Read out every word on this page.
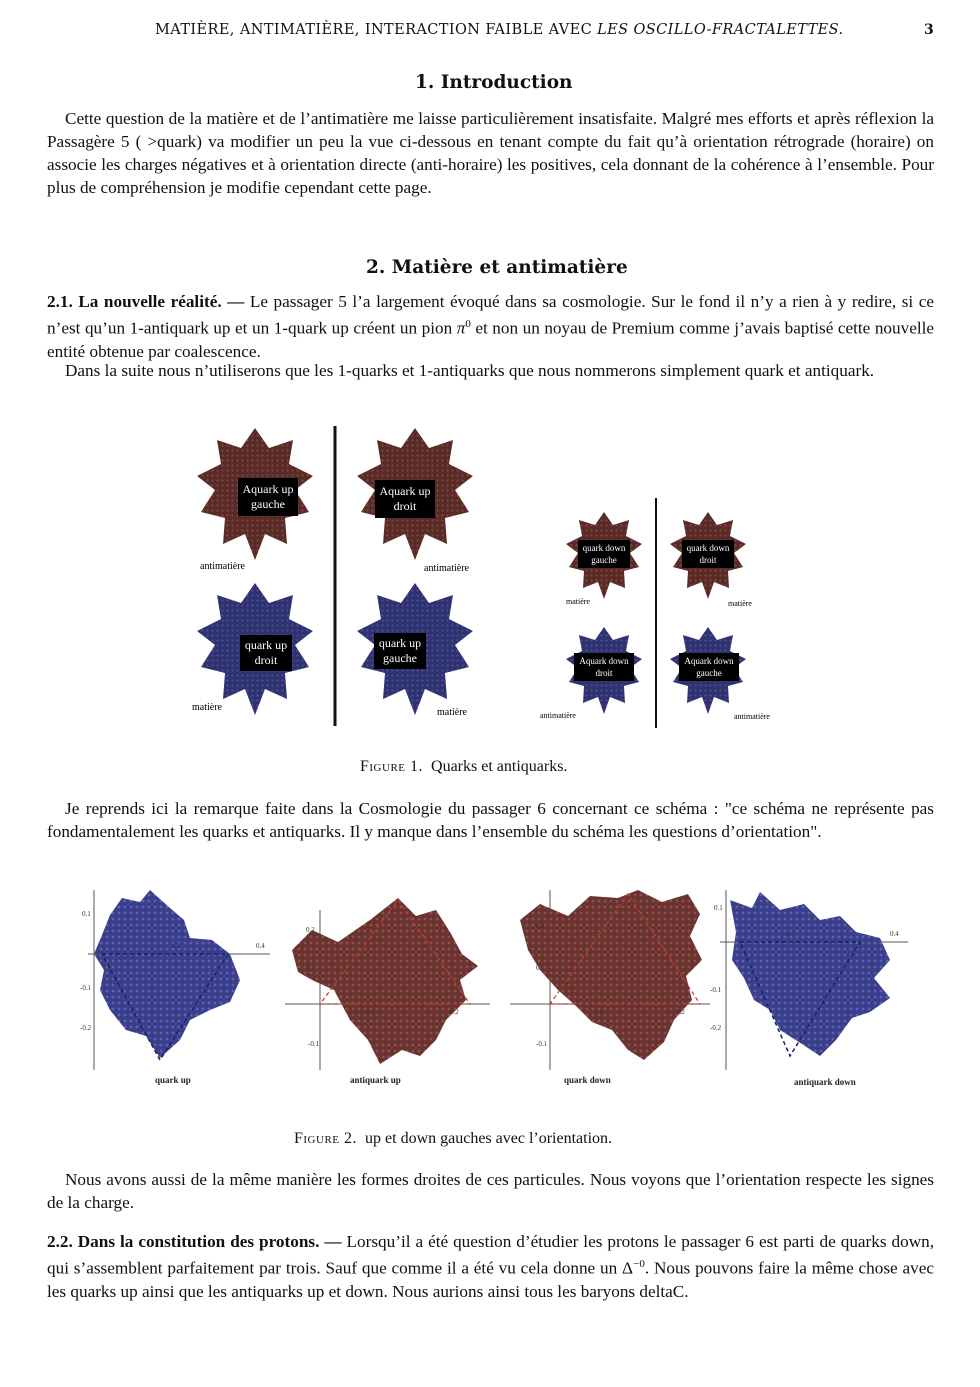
MATIÈRE, ANTIMATIÈRE, INTERACTION FAIBLE AVEC LES OSCILLO-FRACTALETTES.	3
1. Introduction

Cette question de la matière et de l’antimatière me laisse particulièrement insatisfaite. Malgré mes efforts et après réflexion la Passagère 5 ( >quark) va modifier un peu la vue ci-dessous en tenant compte du fait qu’à orientation rétrograde (horaire) on associe les charges négatives et à orientation directe (anti-horaire) les positives, cela donnant de la cohérence à l’ensemble. Pour plus de compréhension je modifie cependant cette page.

2. Matière et antimatière

2.1. La nouvelle réalité. — Le passager 5 l’a largement évoqué dans sa cosmologie. Sur le fond il n’y a rien à y redire, si ce n’est qu’un 1-antiquark up et un 1-quark up créent un pion $\pi^0$ et non un noyau de Premium comme j’avais baptisé cette nouvelle entité obtenue par coalescence.

Dans la suite nous n’utiliserons que les 1-quarks et 1-antiquarks que nous nommerons simplement quark et antiquark.

Aquark up
gauche
Aquark up
droit
quark up
droit
quark up
gauche
antimatière	antimatière
matière	matière
quark down
gauche
quark down
droit
Aquark down
droit
Aquark down
gauche
matière	matière
antimatière	antimatière
Figure 1. Quarks et antiquarks.

Je reprends ici la remarque faite dans la Cosmologie du passager 6 concernant ce schéma : "ce schéma ne représente pas fondamentalement les quarks et antiquarks. Il y manque dans l’ensemble du schéma les questions d’orientation".

0.1
0.2	0.4
-0.1
-0.2
quark up
0.2
0.1
0.2
0.1
-0.1
antiquark up
0.2
0.1
0.1	0.2
-0.1
quark down
0.1
0.2	0.4
-0.1
-0.2
antiquark down
Figure 2. up et down gauches avec l’orientation.

Nous avons aussi de la même manière les formes droites de ces particules. Nous voyons que l’orientation respecte les signes de la charge.

2.2. Dans la constitution des protons. — Lorsqu’il a été question d’étudier les protons le passager 6 est parti de quarks down, qui s’assemblent parfaitement par trois. Sauf que comme il a été vu cela donne un $\Delta^{-0}$. Nous pouvons faire la même chose avec les quarks up ainsi que les antiquarks up et down. Nous aurions ainsi tous les baryons deltaC.
